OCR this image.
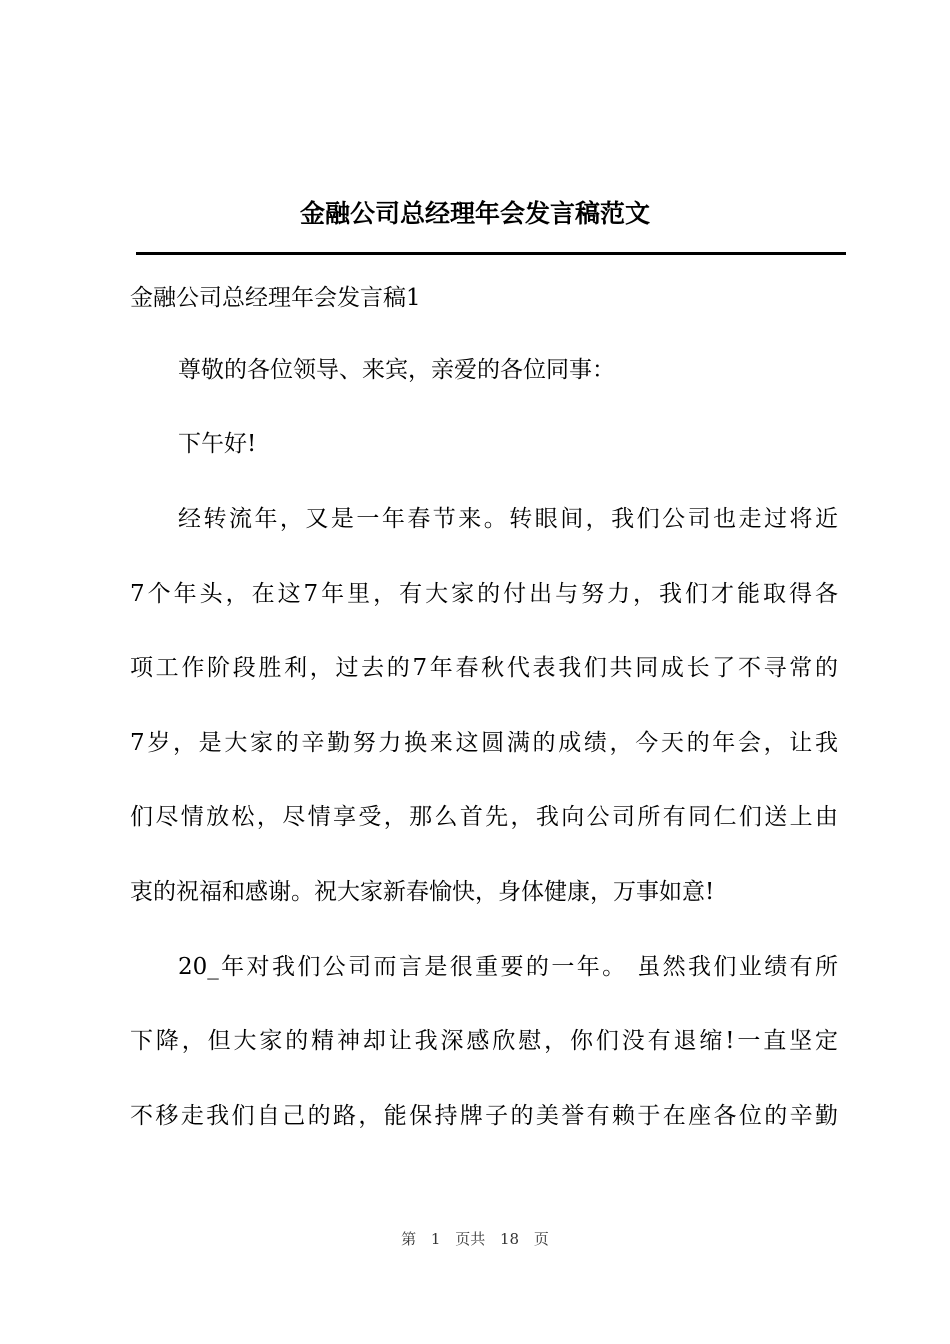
金融公司总经理年会发言稿范文
金融公司总经理年会发言稿1
尊敬的各位领导、来宾，亲爱的各位同事：
下午好!
经转流年，又是一年春节来。转眼间，我们公司也走过将近
7个年头，在这7年里，有大家的付出与努力，我们才能取得各
项工作阶段胜利，过去的7年春秋代表我们共同成长了不寻常的
7岁，是大家的辛勤努力换来这圆满的成绩，今天的年会，让我
们尽情放松，尽情享受，那么首先，我向公司所有同仁们送上由
衷的祝福和感谢。祝大家新春愉快，身体健康，万事如意!
20_年对我们公司而言是很重要的一年。 虽然我们业绩有所
下降，但大家的精神却让我深感欣慰，你们没有退缩!一直坚定
不移走我们自己的路，能保持牌子的美誉有赖于在座各位的辛勤
第 1 页共 18 页
